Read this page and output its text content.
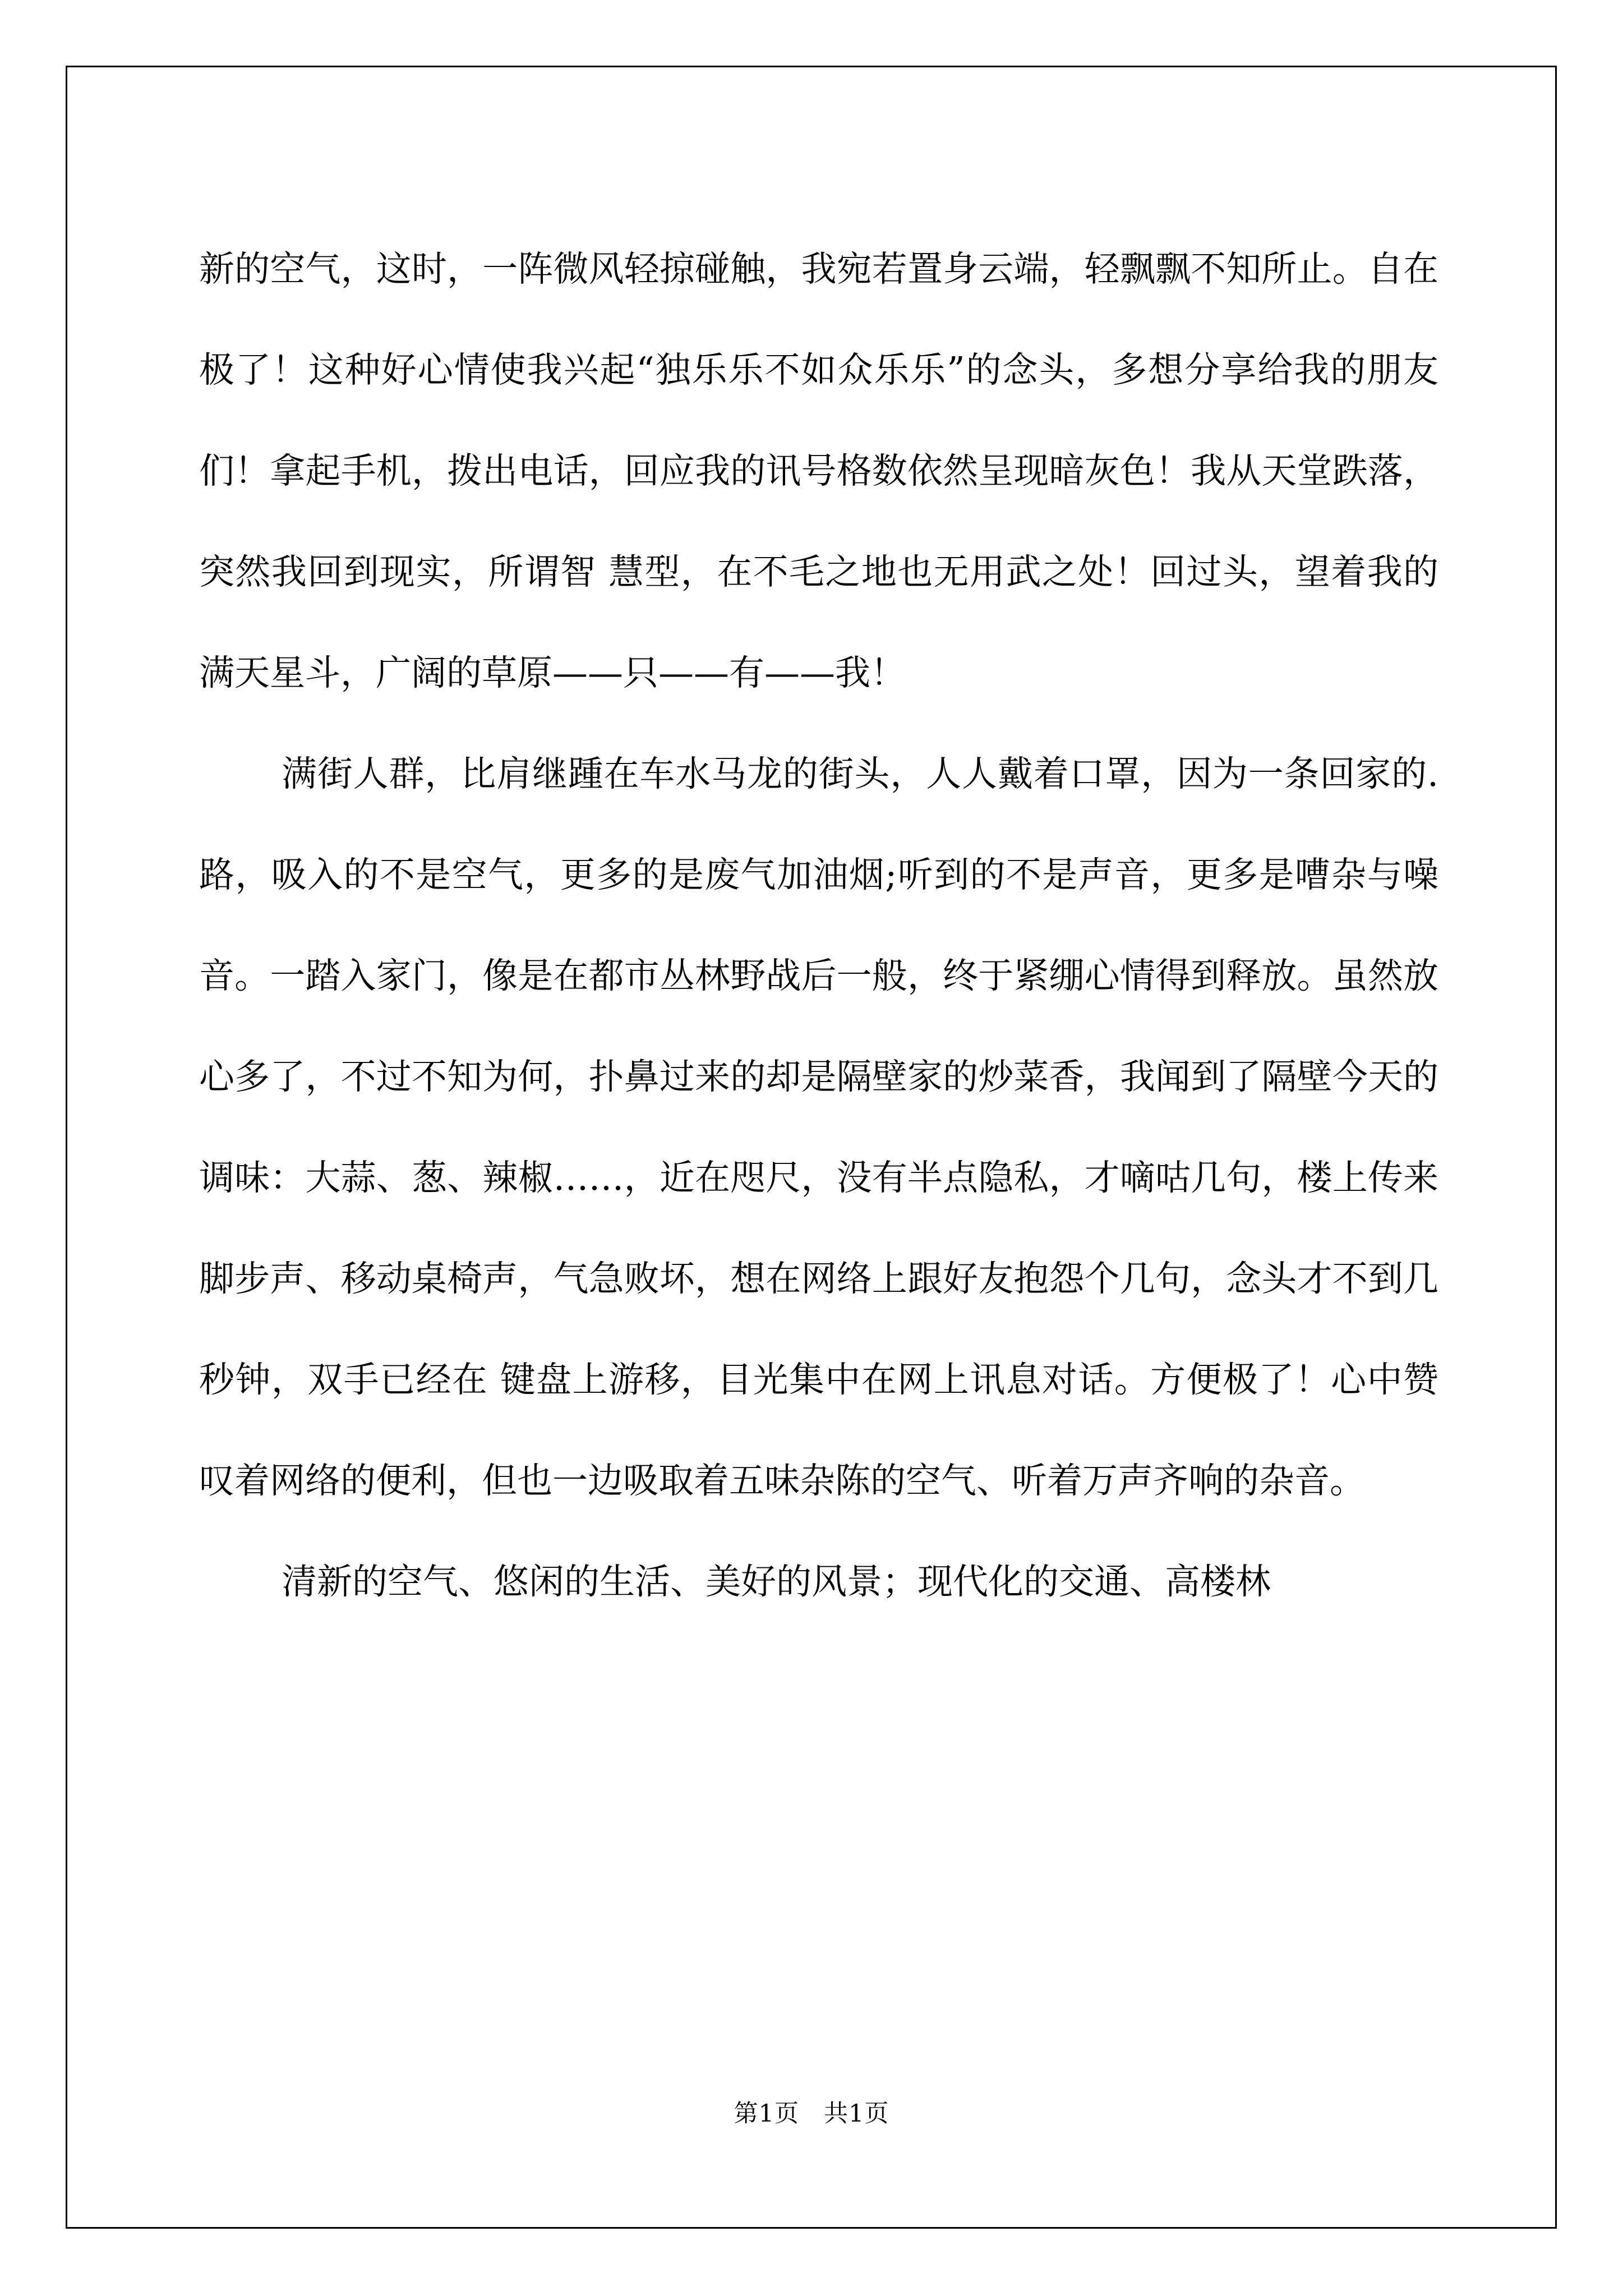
新的空气，这时，一阵微风轻掠碰触，我宛若置身云端，轻飘飘不知所止。自在极了！这种好心情使我兴起“独乐乐不如众乐乐”的念头，多想分享给我的朋友们！拿起手机，拨出电话，回应我的讯号格数依然呈现暗灰色！我从天堂跌落，突然我回到现实，所谓智 慧型，在不毛之地也无用武之处！回过头，望着我的满天星斗，广阔的草原——只——有——我！

满街人群，比肩继踵在车水马龙的街头，人人戴着口罩，因为一条回家的.路，吸入的不是空气，更多的是废气加油烟;听到的不是声音，更多是嘈杂与噪音。一踏入家门，像是在都市丛林野战后一般，终于紧绷心情得到释放。虽然放心多了，不过不知为何，扑鼻过来的却是隔壁家的炒菜香，我闻到了隔壁今天的调味：大蒜、葱、辣椒……，近在咫尺，没有半点隐私，才嘀咕几句，楼上传来脚步声、移动桌椅声，气急败坏，想在网络上跟好友抱怨个几句，念头才不到几秒钟，双手已经在 键盘上游移，目光集中在网上讯息对话。方便极了！心中赞叹着网络的便利，但也一边吸取着五味杂陈的空气、听着万声齐响的杂音。

清新的空气、悠闲的生活、美好的风景；现代化的交通、高楼林

第1页　共1页
